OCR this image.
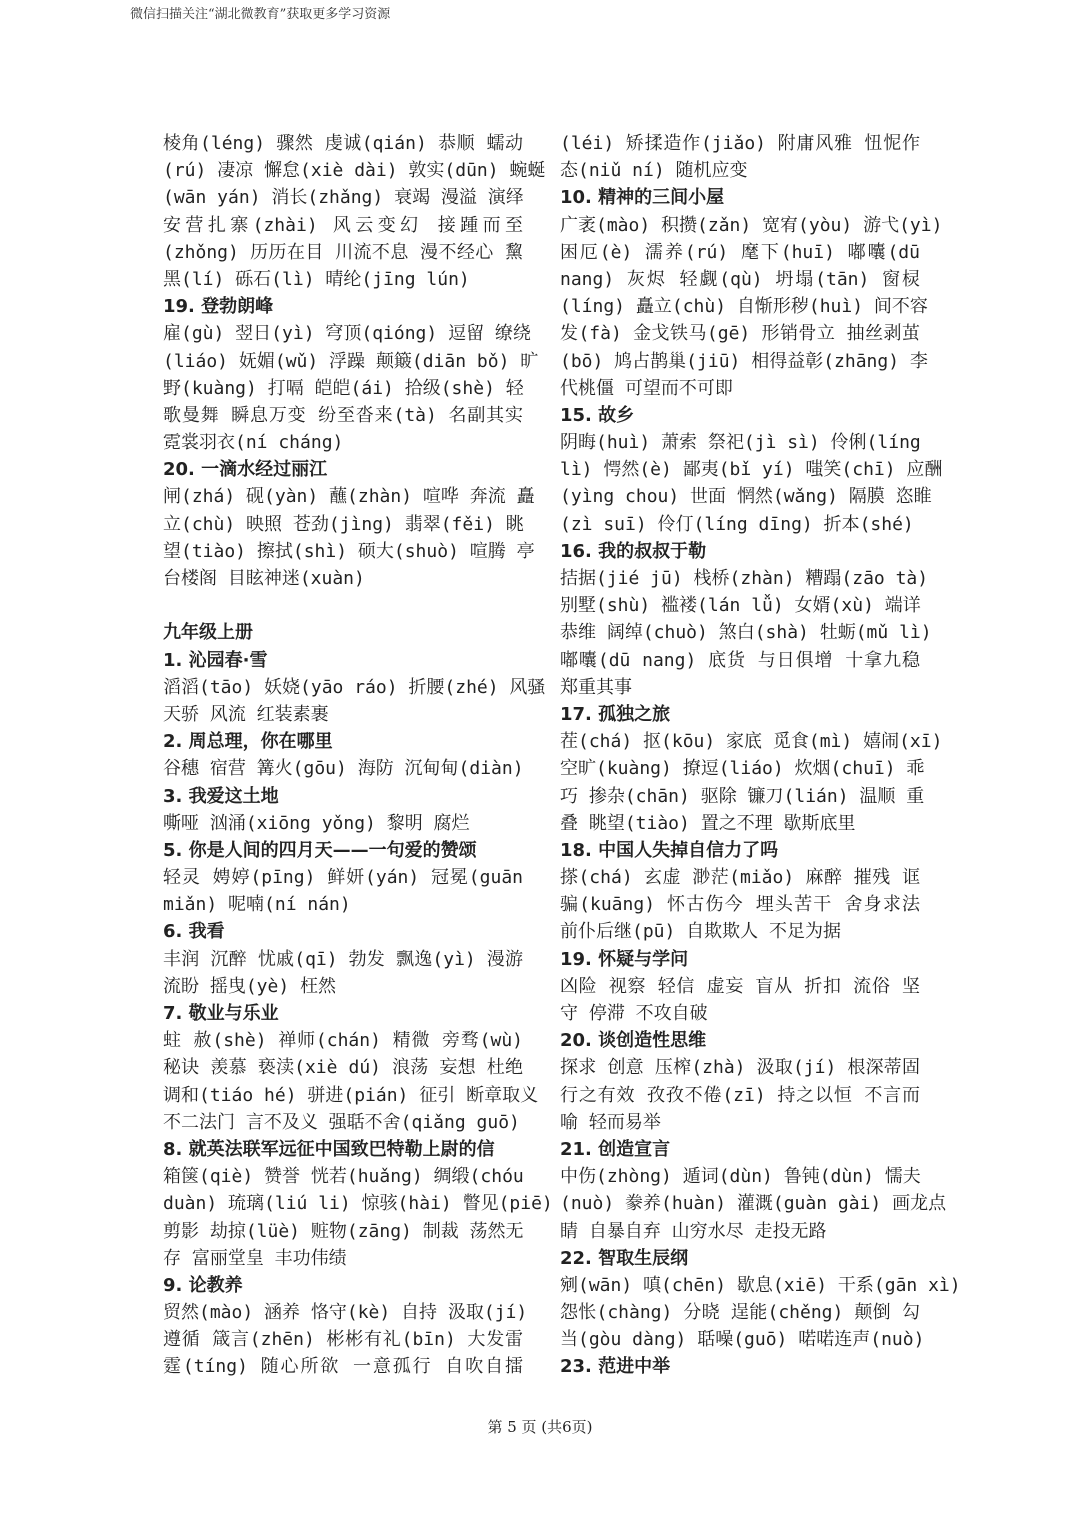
微信扫描关注“湖北微教育”获取更多学习资源
棱角(léng) 骤然 虔诚(qián) 恭顺 蠕动
(rú) 凄凉 懈怠(xiè dài) 敦实(dūn) 蜿蜒
(wān yán) 消长(zhǎng) 衰竭 漫溢 演绎
安营扎寨(zhài) 风云变幻 接踵而至
(zhǒng) 历历在目 川流不息 漫不经心 黧
黑(lí) 砾石(lì) 晴纶(jīng lún)
19. 登勃朗峰
雇(gù) 翌日(yì) 穹顶(qióng) 逗留 缭绕
(liáo) 妩媚(wǔ) 浮躁 颠簸(diān bǒ) 旷
野(kuàng) 打嗝 皑皑(ái) 拾级(shè) 轻
歌曼舞 瞬息万变 纷至沓来(tà) 名副其实
霓裳羽衣(ní cháng)
20. 一滴水经过丽江
闸(zhá) 砚(yàn) 蘸(zhàn) 喧哗 奔流 矗
立(chù) 映照 苍劲(jìng) 翡翠(fěi) 眺
望(tiào) 擦拭(shì) 硕大(shuò) 喧腾 亭
台楼阁 目眩神迷(xuàn)
九年级上册
1. 沁园春·雪
滔滔(tāo) 妖娆(yāo ráo) 折腰(zhé) 风骚
天骄 风流 红装素裹
2. 周总理，你在哪里
谷穗 宿营 篝火(gōu) 海防 沉甸甸(diàn)
3. 我爱这土地
嘶哑 汹涌(xiōng yǒng) 黎明 腐烂
5. 你是人间的四月天——一句爱的赞颂
轻灵 娉婷(pīng) 鲜妍(yán) 冠冕(guān
miǎn) 呢喃(ní nán)
6. 我看
丰润 沉醉 忧戚(qī) 勃发 飘逸(yì) 漫游
流盼 摇曳(yè) 枉然
7. 敬业与乐业
蛀 赦(shè) 禅师(chán) 精微 旁骛(wù)
秘诀 羡慕 亵渎(xiè dú) 浪荡 妄想 杜绝
调和(tiáo hé) 骈进(pián) 征引 断章取义
不二法门 言不及义 强聒不舍(qiǎng guō)
8. 就英法联军远征中国致巴特勒上尉的信
箱箧(qiè) 赞誉 恍若(huǎng) 绸缎(chóu
duàn) 琉璃(liú li) 惊骇(hài) 瞥见(piē)
剪影 劫掠(lüè) 赃物(zāng) 制裁 荡然无
存 富丽堂皇 丰功伟绩
9. 论教养
贸然(mào) 涵养 恪守(kè) 自持 汲取(jí)
遵循 箴言(zhēn) 彬彬有礼(bīn) 大发雷
霆(tíng) 随心所欲 一意孤行 自吹自擂
(léi) 矫揉造作(jiǎo) 附庸风雅 忸怩作
态(niǔ ní) 随机应变
10. 精神的三间小屋
广袤(mào) 积攒(zǎn) 宽宥(yòu) 游弋(yì)
困厄(è) 濡养(rú) 麾下(huī) 嘟囔(dū
nang) 灰烬 轻觑(qù) 坍塌(tān) 窗棂
(líng) 矗立(chù) 自惭形秽(huì) 间不容
发(fà) 金戈铁马(gē) 形销骨立 抽丝剥茧
(bō) 鸠占鹊巢(jiū) 相得益彰(zhāng) 李
代桃僵 可望而不可即
15. 故乡
阴晦(huì) 萧索 祭祀(jì sì) 伶俐(líng
lì) 愕然(è) 鄙夷(bǐ yí) 嗤笑(chī) 应酬
(yìng chou) 世面 惘然(wǎng) 隔膜 恣睢
(zì suī) 伶仃(líng dīng) 折本(shé)
16. 我的叔叔于勒
拮据(jié jū) 栈桥(zhàn) 糟蹋(zāo tà)
别墅(shù) 褴褛(lán lǚ) 女婿(xù) 端详
恭维 阔绰(chuò) 煞白(shà) 牡蛎(mǔ lì)
嘟囔(dū nang) 底货 与日俱增 十拿九稳
郑重其事
17. 孤独之旅
茬(chá) 抠(kōu) 家底 觅食(mì) 嬉闹(xī)
空旷(kuàng) 撩逗(liáo) 炊烟(chuī) 乖
巧 掺杂(chān) 驱除 镰刀(lián) 温顺 重
叠 眺望(tiào) 置之不理 歇斯底里
18. 中国人失掉自信力了吗
搽(chá) 玄虚 渺茫(miǎo) 麻醉 摧残 诓
骗(kuāng) 怀古伤今 埋头苦干 舍身求法
前仆后继(pū) 自欺欺人 不足为据
19. 怀疑与学问
凶险 视察 轻信 虚妄 盲从 折扣 流俗 坚
守 停滞 不攻自破
20. 谈创造性思维
探求 创意 压榨(zhà) 汲取(jí) 根深蒂固
行之有效 孜孜不倦(zī) 持之以恒 不言而
喻 轻而易举
21. 创造宣言
中伤(zhòng) 遁词(dùn) 鲁钝(dùn) 懦夫
(nuò) 豢养(huàn) 灌溉(guàn gài) 画龙点
睛 自暴自弃 山穷水尽 走投无路
22. 智取生辰纲
剜(wān) 嗔(chēn) 歇息(xiē) 干系(gān xì)
怨怅(chàng) 分晓 逞能(chěng) 颠倒 勾
当(gòu dàng) 聒噪(guō) 喏喏连声(nuò)
23. 范进中举
第 5 页 (共6页)
